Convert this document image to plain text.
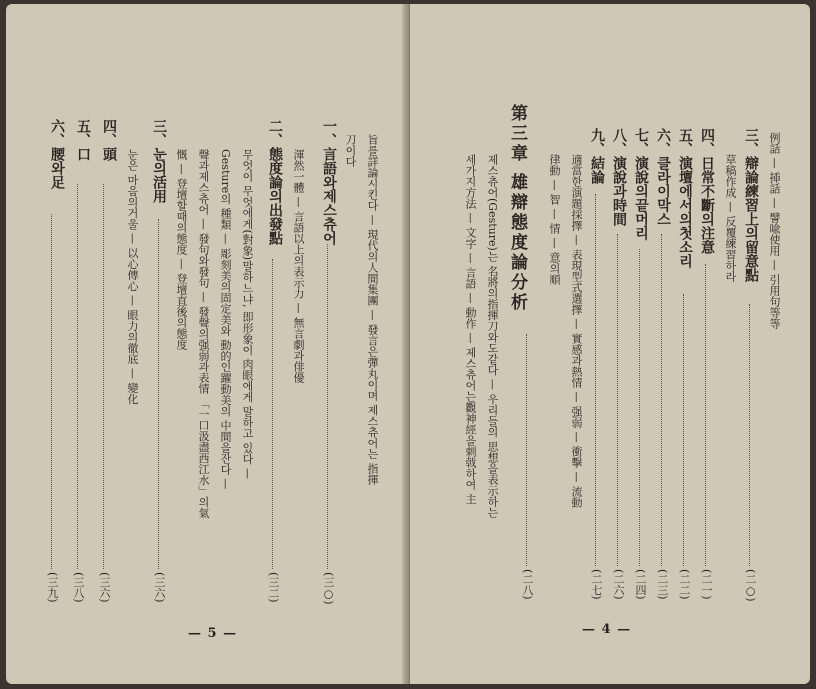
旨를詳論시킨다 — 現代의人間集團 — 發言은彈丸이며 제스츄어는 指揮
刀이다
一、言語와제스츄어
(三○)
渾然一體 — 言語以上의表示力 — 無言劇과俳優
二、態度論의出發點
(三二)
무엇이 무엇에게(對象)말하느냐, 即形象이 肉眼에게 말하고 있다 —
Gesture의 種類 — 彫刻美의固定美와 動的인躍動美의 中間을잔다 —
聲과제스츄어 — 發句와發句 — 發聲의强弱과表情 「一口汲盡西江水」의氣
慨 — 登壇할때의態度 — 登壇直後의態度
三、눈의活用
(三六)
눈은 마음의거울 — 以心傳心 — 眼力의徹底 — 變化
四、頭
(三六)
五、口
(三八)
六、腰와足
(三九)
— 5 —
例話 — 揷話 — 譬喩使用 — 引用句等等
三、辯論練習上의留意點
(二○)
草稿作成 — 反覆練習하라
四、日常不斷의注意
(二一)
五、演壇에서의첫소리
(二二)
六、클라이막스
(二三)
七、演說의끝머리
(二四)
八、演說과時間
(二六)
九、結論
(二七)
適當한演題採擇 — 表現型式選擇 — 實感과熱情 — 强弱 — 衝擊 — 流動
律動 — 智 — 情 — 意의順
第三章 雄辯態度論分析
(二八)
제스츄어(Gesture)는 名將의指揮刀와도같다 — 우리들의 思想을表示하는
세가지方法 — 文字 — 言語 — 動作 — 제스츄어는觀神經을刺戟하여 主
— 4 —
